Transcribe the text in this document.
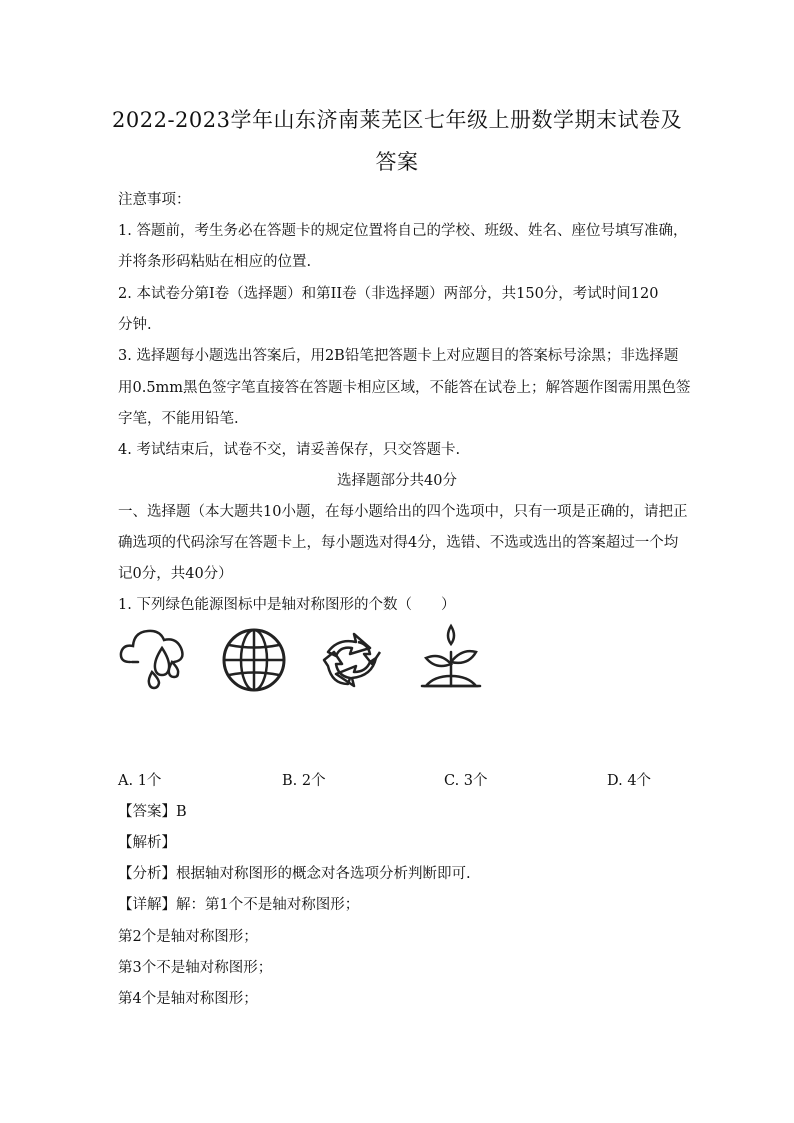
2022-2023学年山东济南莱芜区七年级上册数学期末试卷及
答案
注意事项：
1. 答题前，考生务必在答题卡的规定位置将自己的学校、班级、姓名、座位号填写准确，
并将条形码粘贴在相应的位置.
2. 本试卷分第I卷（选择题）和第II卷（非选择题）两部分，共150分，考试时间120
分钟.
3. 选择题每小题选出答案后，用2B铅笔把答题卡上对应题目的答案标号涂黑；非选择题
用0.5mm黑色签字笔直接答在答题卡相应区域，不能答在试卷上；解答题作图需用黑色签
字笔，不能用铅笔.
4. 考试结束后，试卷不交，请妥善保存，只交答题卡.
选择题部分共40分
一、选择题（本大题共10小题，在每小题给出的四个选项中，只有一项是正确的，请把正
确选项的代码涂写在答题卡上，每小题选对得4分，选错、不选或选出的答案超过一个均
记0分，共40分）
1. 下列绿色能源图标中是轴对称图形的个数（　　）
A. 1个	B. 2个	C. 3个	D. 4个
【答案】B
【解析】
【分析】根据轴对称图形的概念对各选项分析判断即可.
【详解】解：第1个不是轴对称图形；
第2个是轴对称图形；
第3个不是轴对称图形；
第4个是轴对称图形；
